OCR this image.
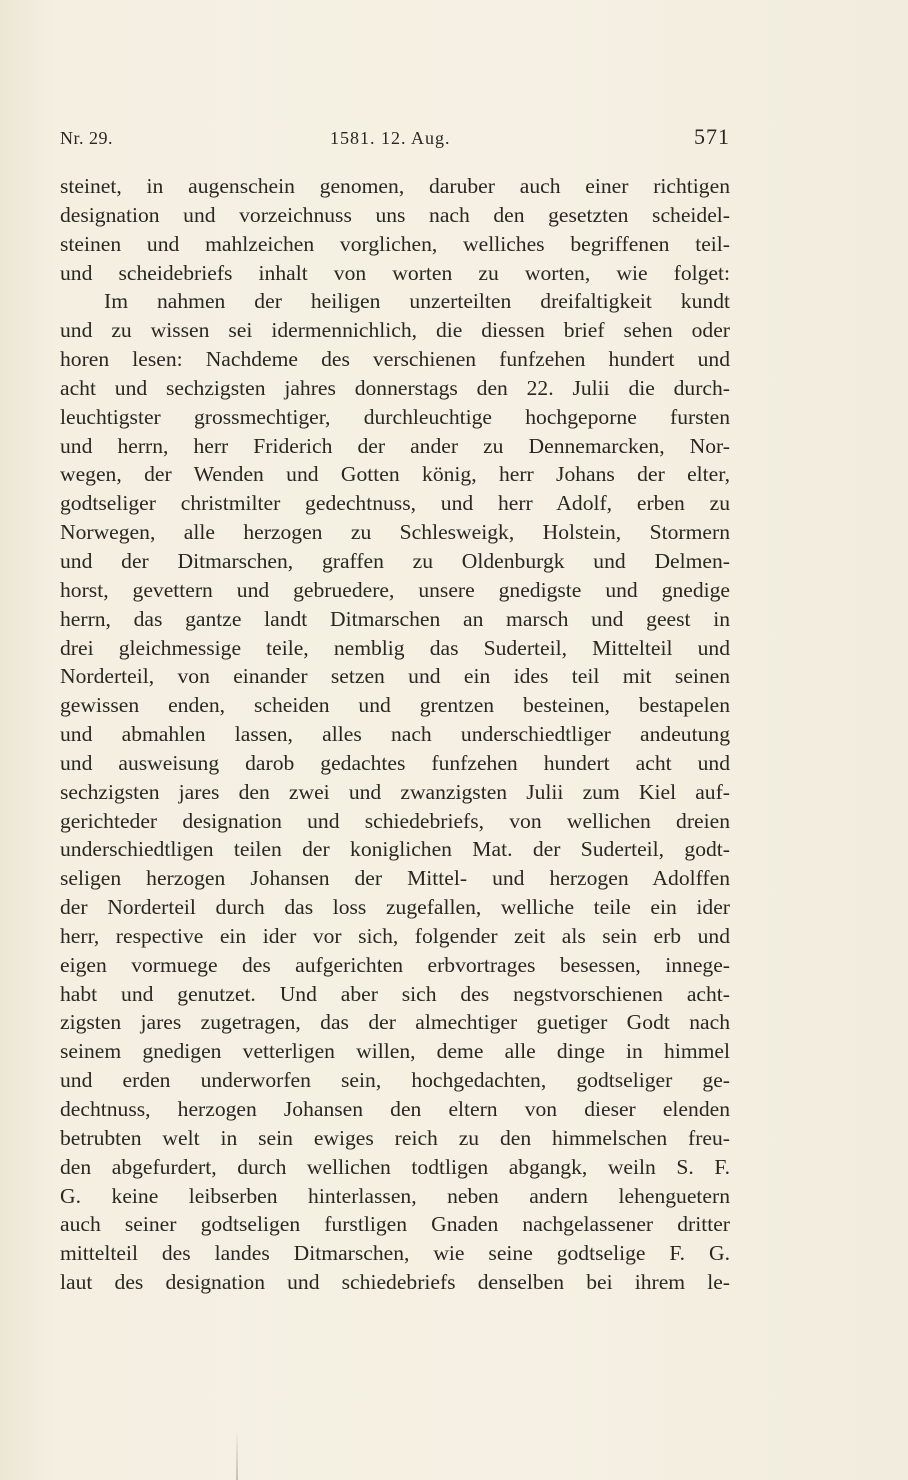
Nr. 29.	1581. 12. Aug.	571
steinet, in augenschein genomen, daruber auch einer richtigen
designation und vorzeichnuss uns nach den gesetzten scheidel-
steinen und mahlzeichen vorglichen, welliches begriffenen teil-
und scheidebriefs inhalt von worten zu worten, wie folget:
Im nahmen der heiligen unzerteilten dreifaltigkeit kundt
und zu wissen sei idermennichlich, die diessen brief sehen oder
horen lesen: Nachdeme des verschienen funfzehen hundert und
acht und sechzigsten jahres donnerstags den 22. Julii die durch-
leuchtigster grossmechtiger, durchleuchtige hochgeporne fursten
und herrn, herr Friderich der ander zu Dennemarcken, Nor-
wegen, der Wenden und Gotten könig, herr Johans der elter,
godtseliger christmilter gedechtnuss, und herr Adolf, erben zu
Norwegen, alle herzogen zu Schlesweigk, Holstein, Stormern
und der Ditmarschen, graffen zu Oldenburgk und Delmen-
horst, gevettern und gebruedere, unsere gnedigste und gnedige
herrn, das gantze landt Ditmarschen an marsch und geest in
drei gleichmessige teile, nemblig das Suderteil, Mittelteil und
Norderteil, von einander setzen und ein ides teil mit seinen
gewissen enden, scheiden und grentzen besteinen, bestapelen
und abmahlen lassen, alles nach underschiedtliger andeutung
und ausweisung darob gedachtes funfzehen hundert acht und
sechzigsten jares den zwei und zwanzigsten Julii zum Kiel auf-
gerichteder designation und schiedebriefs, von wellichen dreien
underschiedtligen teilen der koniglichen Mat. der Suderteil, godt-
seligen herzogen Johansen der Mittel- und herzogen Adolffen
der Norderteil durch das loss zugefallen, welliche teile ein ider
herr, respective ein ider vor sich, folgender zeit als sein erb und
eigen vormuege des aufgerichten erbvortrages besessen, innege-
habt und genutzet. Und aber sich des negstvorschienen acht-
zigsten jares zugetragen, das der almechtiger guetiger Godt nach
seinem gnedigen vetterligen willen, deme alle dinge in himmel
und erden underworfen sein, hochgedachten, godtseliger ge-
dechtnuss, herzogen Johansen den eltern von dieser elenden
betrubten welt in sein ewiges reich zu den himmelschen freu-
den abgefurdert, durch wellichen todtligen abgangk, weiln S. F.
G. keine leibserben hinterlassen, neben andern lehenguetern
auch seiner godtseligen furstligen Gnaden nachgelassener dritter
mittelteil des landes Ditmarschen, wie seine godtselige F. G.
laut des designation und schiedebriefs denselben bei ihrem le-
